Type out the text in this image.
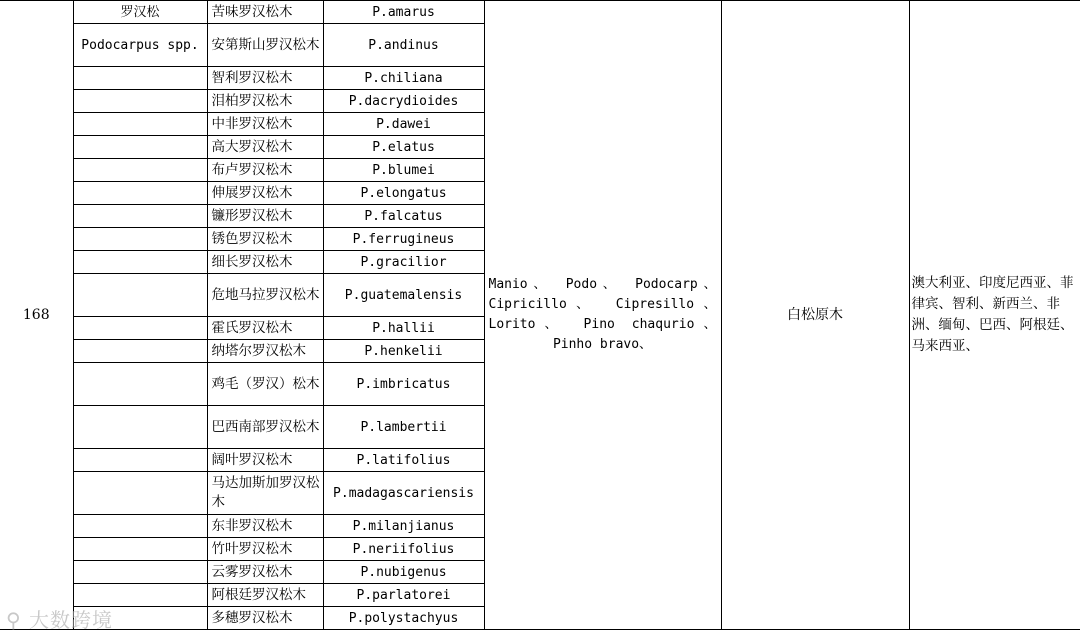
168	罗汉松	苦味罗汉松木	P.amarus	Manio、 Podo、 Podocarp、 Cipricillo、 Cipresillo、 Lorito、 Pino chaqurio、 Pinho bravo、	白松原木	澳大利亚、印度尼西亚、菲律宾、智利、新西兰、非洲、缅甸、巴西、阿根廷、马来西亚、
	Podocarpus spp.	安第斯山罗汉松木	P.andinus			
		智利罗汉松木	P.chiliana			
		泪柏罗汉松木	P.dacrydioides			
		中非罗汉松木	P.dawei			
		高大罗汉松木	P.elatus			
		布卢罗汉松木	P.blumei			
		伸展罗汉松木	P.elongatus			
		镰形罗汉松木	P.falcatus			
		锈色罗汉松木	P.ferrugineus			
		细长罗汉松木	P.gracilior			
		危地马拉罗汉松木	P.guatemalensis			
		霍氏罗汉松木	P.hallii			
		纳塔尔罗汉松木	P.henkelii			
		鸡毛（罗汉）松木	P.imbricatus			
		巴西南部罗汉松木	P.lambertii			
		阔叶罗汉松木	P.latifolius			
		马达加斯加罗汉松木	P.madagascariensis			
		东非罗汉松木	P.milanjianus			
		竹叶罗汉松木	P.neriifolius			
		云雾罗汉松木	P.nubigenus			
		阿根廷罗汉松木	P.parlatorei			
		多穗罗汉松木	P.polystachyus			
⚲ 大数跨境
